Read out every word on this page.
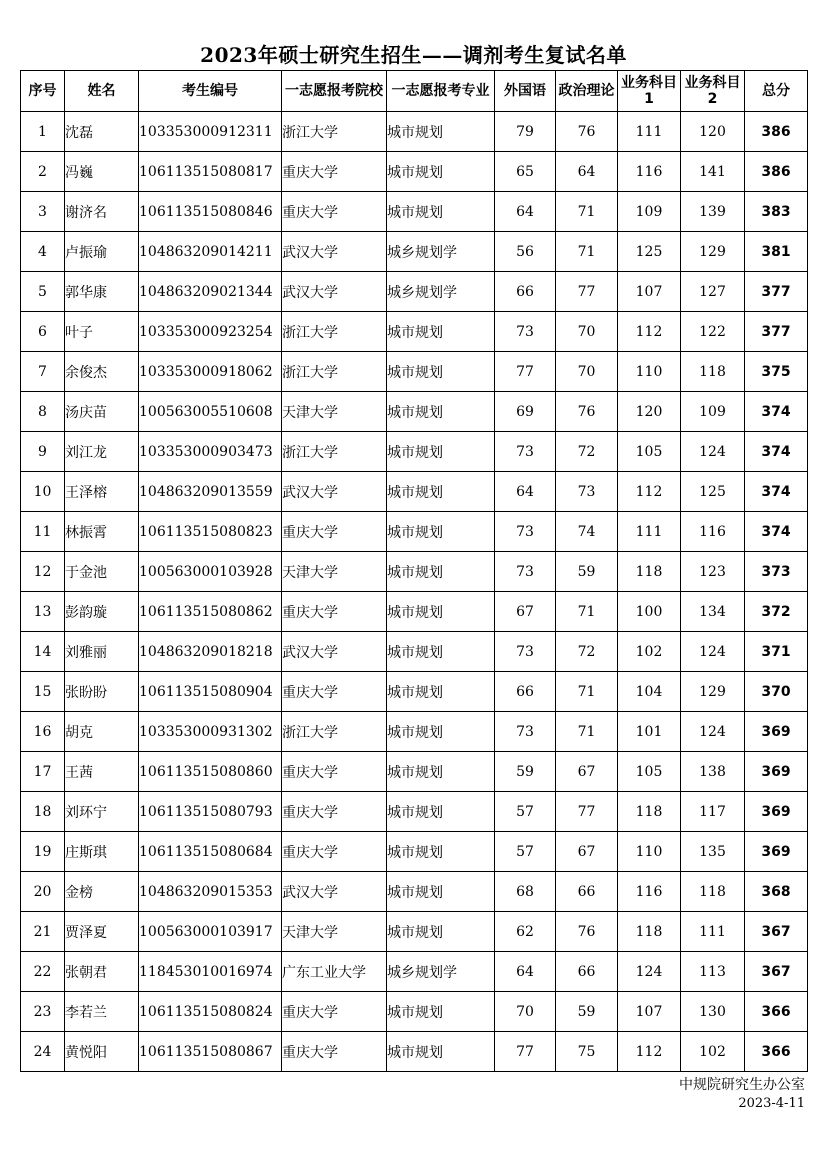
2023年硕士研究生招生——调剂考生复试名单
序号	姓名	考生编号	一志愿报考院校	一志愿报考专业	外国语	政治理论	业务科目1	业务科目2	总分
1	沈磊	103353000912311	浙江大学	城市规划	79	76	111	120	386
2	冯巍	106113515080817	重庆大学	城市规划	65	64	116	141	386
3	谢济名	106113515080846	重庆大学	城市规划	64	71	109	139	383
4	卢振瑜	104863209014211	武汉大学	城乡规划学	56	71	125	129	381
5	郭华康	104863209021344	武汉大学	城乡规划学	66	77	107	127	377
6	叶子	103353000923254	浙江大学	城市规划	73	70	112	122	377
7	余俊杰	103353000918062	浙江大学	城市规划	77	70	110	118	375
8	汤庆苗	100563005510608	天津大学	城市规划	69	76	120	109	374
9	刘江龙	103353000903473	浙江大学	城市规划	73	72	105	124	374
10	王泽榕	104863209013559	武汉大学	城市规划	64	73	112	125	374
11	林振霄	106113515080823	重庆大学	城市规划	73	74	111	116	374
12	于金池	100563000103928	天津大学	城市规划	73	59	118	123	373
13	彭韵璇	106113515080862	重庆大学	城市规划	67	71	100	134	372
14	刘雅丽	104863209018218	武汉大学	城市规划	73	72	102	124	371
15	张盼盼	106113515080904	重庆大学	城市规划	66	71	104	129	370
16	胡克	103353000931302	浙江大学	城市规划	73	71	101	124	369
17	王茜	106113515080860	重庆大学	城市规划	59	67	105	138	369
18	刘环宁	106113515080793	重庆大学	城市规划	57	77	118	117	369
19	庄斯琪	106113515080684	重庆大学	城市规划	57	67	110	135	369
20	金榜	104863209015353	武汉大学	城市规划	68	66	116	118	368
21	贾泽夏	100563000103917	天津大学	城市规划	62	76	118	111	367
22	张朝君	118453010016974	广东工业大学	城乡规划学	64	66	124	113	367
23	李若兰	106113515080824	重庆大学	城市规划	70	59	107	130	366
24	黄悦阳	106113515080867	重庆大学	城市规划	77	75	112	102	366
中规院研究生办公室
2023-4-11
